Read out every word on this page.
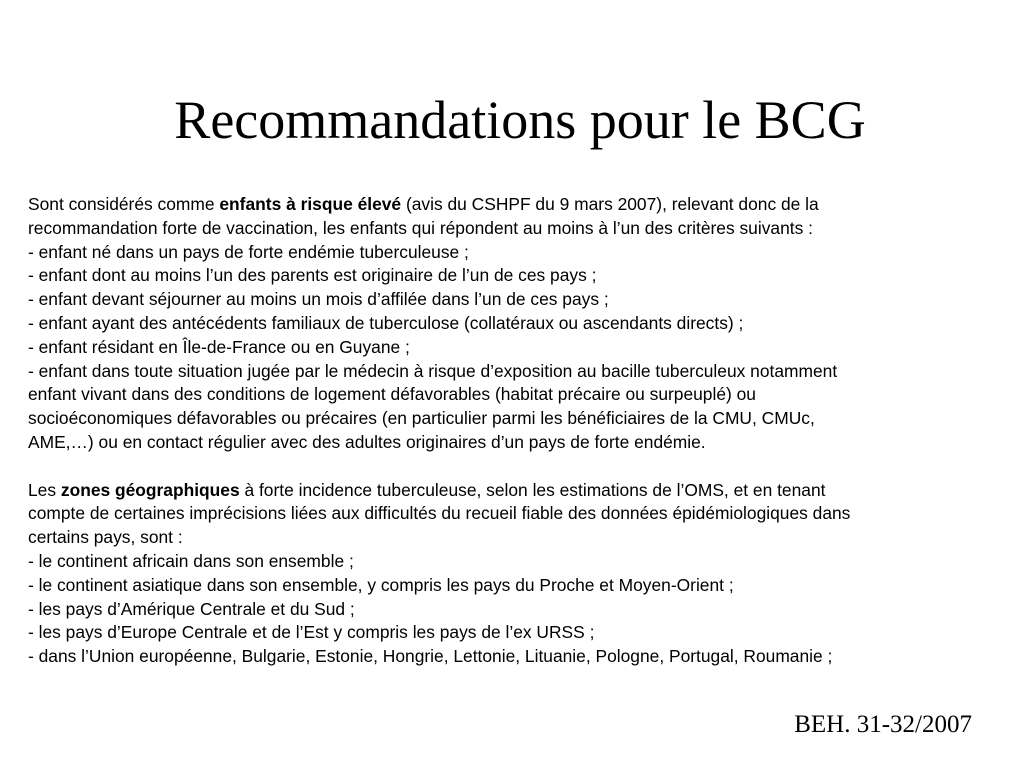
Recommandations pour le BCG
Sont considérés comme enfants à risque élevé (avis du CSHPF du 9 mars 2007), relevant donc de la
recommandation forte de vaccination, les enfants qui répondent au moins à l’un des critères suivants :
- enfant né dans un pays de forte endémie tuberculeuse ;
- enfant dont au moins l’un des parents est originaire de l’un de ces pays ;
- enfant devant séjourner au moins un mois d’affilée dans l’un de ces pays ;
- enfant ayant des antécédents familiaux de tuberculose (collatéraux ou ascendants directs) ;
- enfant résidant en Île-de-France ou en Guyane ;
- enfant dans toute situation jugée par le médecin à risque d’exposition au bacille tuberculeux notamment
enfant vivant dans des conditions de logement défavorables (habitat précaire ou surpeuplé) ou
socioéconomiques défavorables ou précaires (en particulier parmi les bénéficiaires de la CMU, CMUc,
AME,…) ou en contact régulier avec des adultes originaires d’un pays de forte endémie.
Les zones géographiques à forte incidence tuberculeuse, selon les estimations de l’OMS, et en tenant
compte de certaines imprécisions liées aux difficultés du recueil fiable des données épidémiologiques dans
certains pays, sont :
- le continent africain dans son ensemble ;
- le continent asiatique dans son ensemble, y compris les pays du Proche et Moyen-Orient ;
- les pays d’Amérique Centrale et du Sud ;
- les pays d’Europe Centrale et de l’Est y compris les pays de l’ex URSS ;
- dans l’Union européenne, Bulgarie, Estonie, Hongrie, Lettonie, Lituanie, Pologne, Portugal, Roumanie ;
BEH. 31-32/2007
